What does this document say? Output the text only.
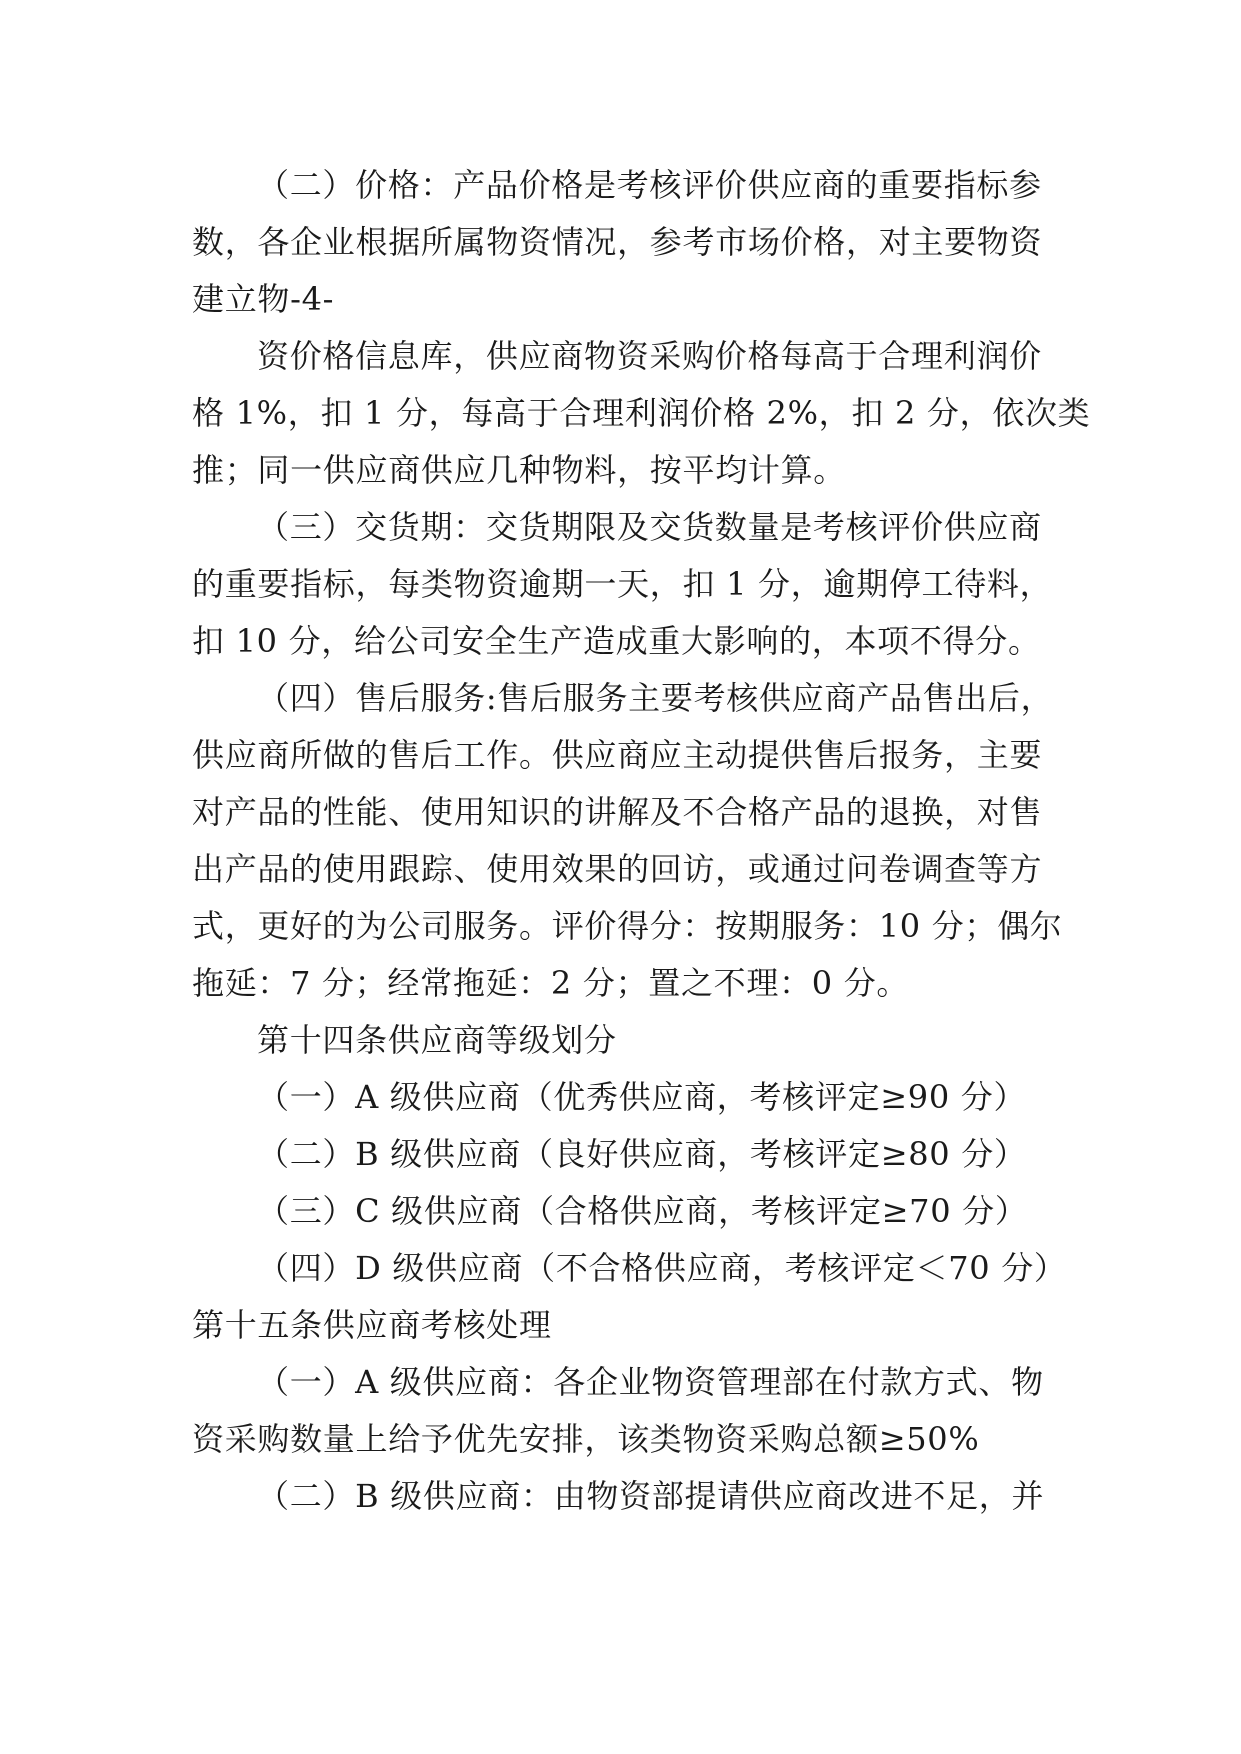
（二）价格：产品价格是考核评价供应商的重要指标参
数，各企业根据所属物资情况，参考市场价格，对主要物资
建立物-4-
资价格信息库，供应商物资采购价格每高于合理利润价
格 1%，扣 1 分，每高于合理利润价格 2%，扣 2 分，依次类
推；同一供应商供应几种物料，按平均计算。
（三）交货期：交货期限及交货数量是考核评价供应商
的重要指标，每类物资逾期一天，扣 1 分，逾期停工待料，
扣 10 分，给公司安全生产造成重大影响的，本项不得分。
（四）售后服务:售后服务主要考核供应商产品售出后，
供应商所做的售后工作。供应商应主动提供售后报务，主要
对产品的性能、使用知识的讲解及不合格产品的退换，对售
出产品的使用跟踪、使用效果的回访，或通过问卷调查等方
式，更好的为公司服务。评价得分：按期服务：10 分；偶尔
拖延：7 分；经常拖延：2 分；置之不理：0 分。
第十四条供应商等级划分
（一）A 级供应商（优秀供应商，考核评定≥90 分）
（二）B 级供应商（良好供应商，考核评定≥80 分）
（三）C 级供应商（合格供应商，考核评定≥70 分）
（四）D 级供应商（不合格供应商，考核评定＜70 分）
第十五条供应商考核处理
（一）A 级供应商：各企业物资管理部在付款方式、物
资采购数量上给予优先安排，该类物资采购总额≥50%
（二）B 级供应商：由物资部提请供应商改进不足，并
